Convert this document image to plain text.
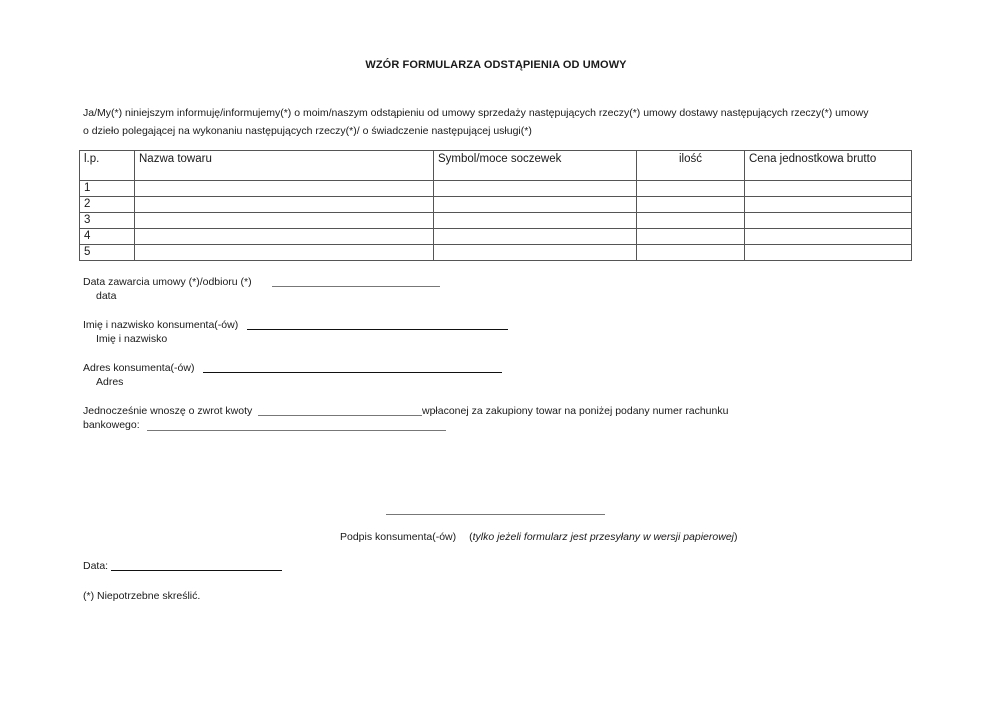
WZÓR FORMULARZA ODSTĄPIENIA OD UMOWY
Ja/My(*) niniejszym informuję/informujemy(*) o moim/naszym odstąpieniu od umowy sprzedaży następujących rzeczy(*) umowy dostawy następujących rzeczy(*) umowy
o dzieło polegającej na wykonaniu następujących rzeczy(*)/ o świadczenie następującej usługi(*)
l.p.	Nazwa towaru	Symbol/moce soczewek	ilość	Cena jednostkowa brutto
1				
2				
3				
4				
5				
Data zawarcia umowy (*)/odbioru (*)
data
Imię i nazwisko konsumenta(-ów)
Imię i nazwisko
Adres konsumenta(-ów)
Adres
Jednocześnie wnoszę o zwrot kwoty	wpłaconej za zakupiony towar na poniżej podany numer rachunku
bankowego:
Podpis konsumenta(-ów) (tylko jeżeli formularz jest przesyłany w wersji papierowej)
Data:
(*) Niepotrzebne skreślić.
